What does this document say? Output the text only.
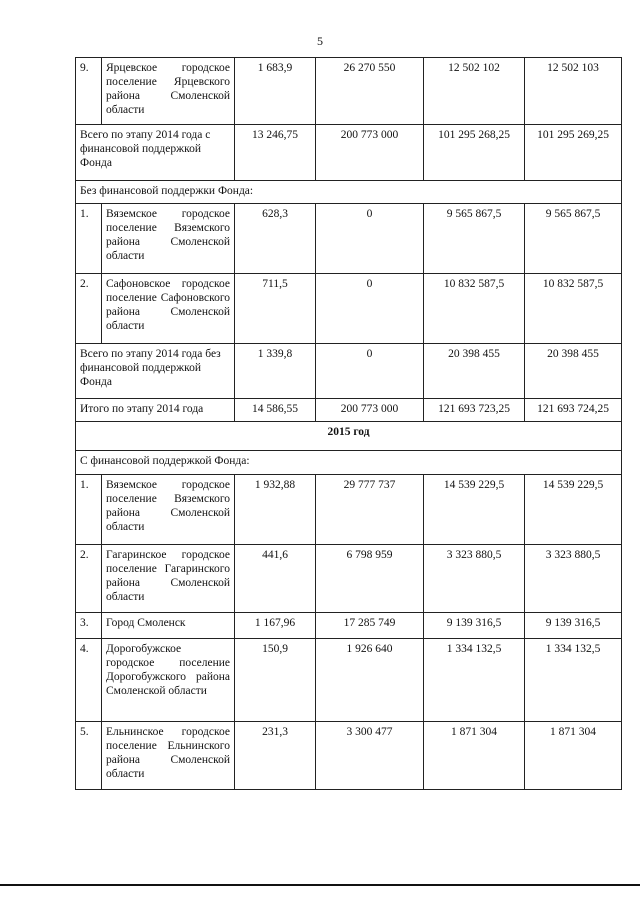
5
9.	Ярцевское городское поселение Ярцевского района Смоленской области	1 683,9	26 270 550	12 502 102	12 502 103
Всего по этапу 2014 года с финансовой поддержкой Фонда		13 246,75	200 773 000	101 295 268,25	101 295 269,25
Без финансовой поддержки Фонда:					
1.	Вяземское городское поселение Вяземского района Смоленской области	628,3	0	9 565 867,5	9 565 867,5
2.	Сафоновское городское поселение Сафоновского района Смоленской области	711,5	0	10 832 587,5	10 832 587,5
Всего по этапу 2014 года без финансовой поддержкой Фонда		1 339,8	0	20 398 455	20 398 455
Итого по этапу 2014 года		14 586,55	200 773 000	121 693 723,25	121 693 724,25
2015 год					
С финансовой поддержкой Фонда:					
1.	Вяземское городское поселение Вяземского района Смоленской области	1 932,88	29 777 737	14 539 229,5	14 539 229,5
2.	Гагаринское городское поселение Гагаринского района Смоленской области	441,6	6 798 959	3 323 880,5	3 323 880,5
3.	Город Смоленск	1 167,96	17 285 749	9 139 316,5	9 139 316,5
4.	Дорогобужское городское поселение Дорогобужского района Смоленской области	150,9	1 926 640	1 334 132,5	1 334 132,5
5.	Ельнинское городское поселение Ельнинского района Смоленской области	231,3	3 300 477	1 871 304	1 871 304
